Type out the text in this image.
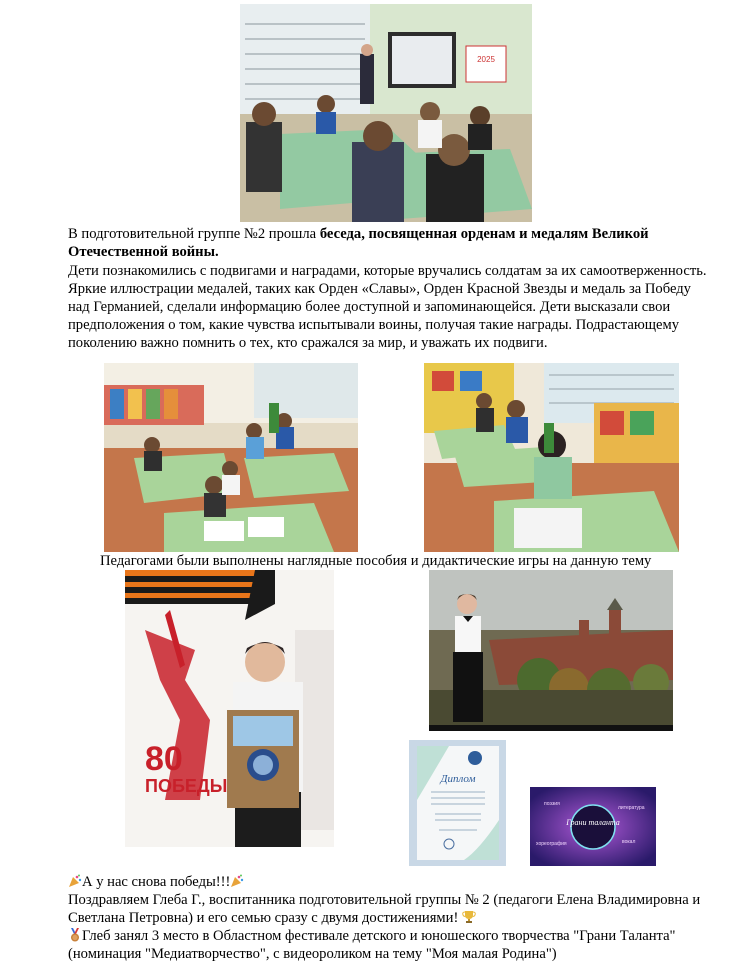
2025
В подготовительной группе №2 прошла беседа, посвященная орденам и медалям Великой Отечественной войны.
Дети познакомились с подвигами и наградами, которые вручались солдатам за их самоотверженность. Яркие иллюстрации медалей, таких как Орден «Славы», Орден Красной Звезды и медаль за Победу над Германией, сделали информацию более доступной и запоминающейся. Дети высказали свои предположения о том, какие чувства испытывали воины, получая такие награды. Подрастающему поколению важно помнить о тех, кто сражался за мир, и уважать их подвиги.
Педагогами были выполнены наглядные пособия и дидактические игры на данную тему
80
ПОБЕДЫ	Диплом
Грани таланта
поэзия
литература
хореография	вокал
А у нас снова победы!!!
Поздравляем Глеба Г., воспитанника подготовительной группы № 2 (педагоги Елена Владимировна и Светлана Петровна) и его семью сразу с двумя достижениями!
Глеб занял 3 место в Областном фестивале детского и юношеского творчества "Грани Таланта" (номинация "Медиатворчество", с видеороликом на тему "Моя малая Родина")
